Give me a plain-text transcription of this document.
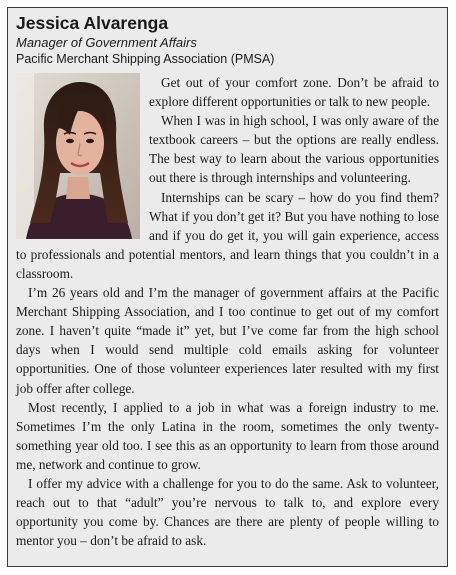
Jessica Alvarenga
Manager of Government Affairs
Pacific Merchant Shipping Association (PMSA)

Get out of your comfort zone. Don’t be afraid to explore different opportunities or talk to new people.

When I was in high school, I was only aware of the textbook careers – but the options are really endless. The best way to learn about the various opportunities out there is through internships and volunteering.

Internships can be scary – how do you find them? What if you don’t get it? But you have nothing to lose and if you do get it, you will gain experience, access to professionals and potential mentors, and learn things that you couldn’t in a classroom.

I’m 26 years old and I’m the manager of government affairs at the Pacific Merchant Shipping Association, and I too continue to get out of my comfort zone. I haven’t quite “made it” yet, but I’ve come far from the high school days when I would send multiple cold emails asking for volunteer opportunities. One of those volunteer experiences later resulted with my first job offer after college.

Most recently, I applied to a job in what was a foreign industry to me. Sometimes I’m the only Latina in the room, sometimes the only twenty-something year old too. I see this as an opportunity to learn from those around me, network and continue to grow.

I offer my advice with a challenge for you to do the same. Ask to volunteer, reach out to that “adult” you’re nervous to talk to, and explore every opportunity you come by. Chances are there are plenty of people willing to mentor you – don’t be afraid to ask.
